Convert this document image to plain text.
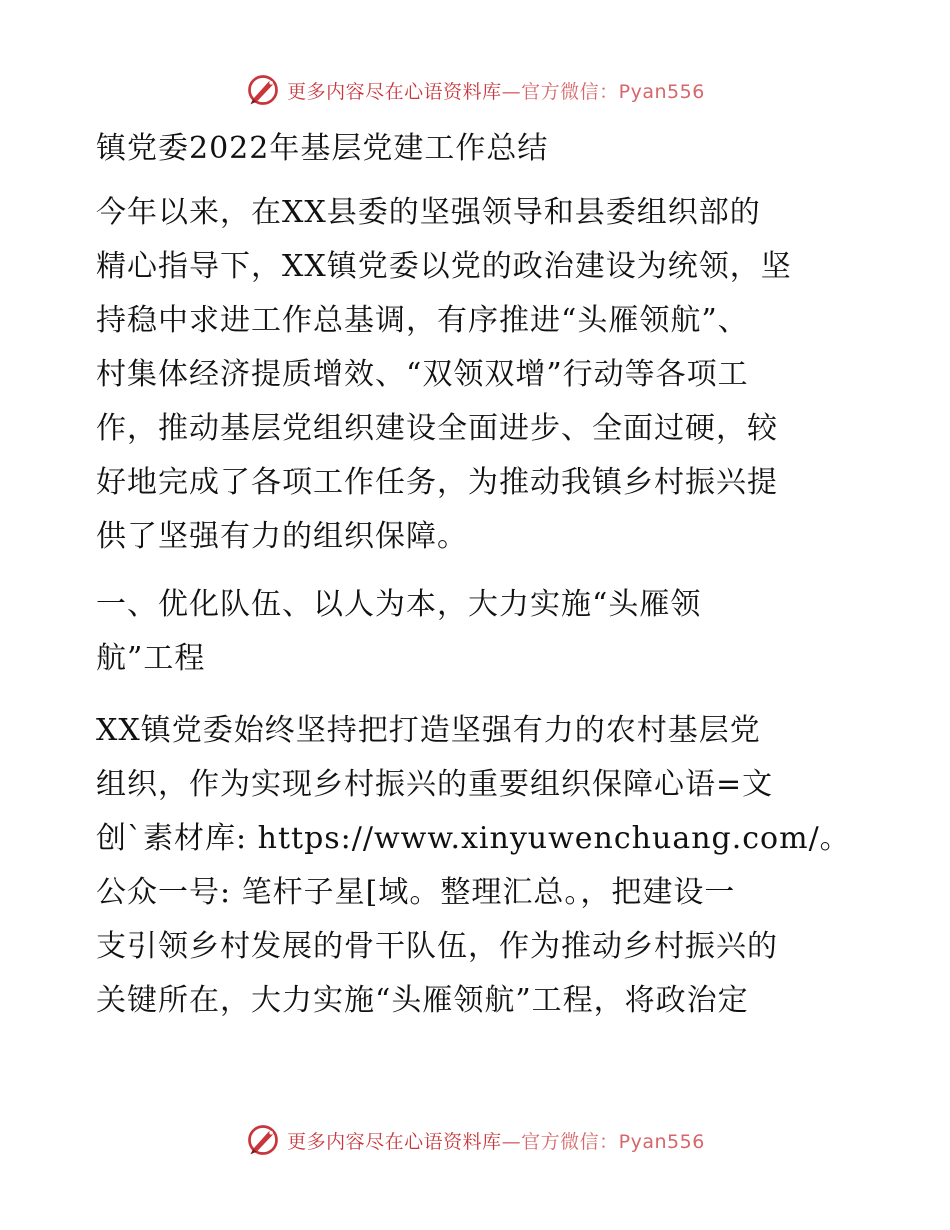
更多内容尽在心语资料库—官方微信：Pyan556
镇党委2022年基层党建工作总结
今年以来，在XX县委的坚强领导和县委组织部的
精心指导下，XX镇党委以党的政治建设为统领，坚
持稳中求进工作总基调，有序推进“头雁领航”、
村集体经济提质增效、“双领双增”行动等各项工
作，推动基层党组织建设全面进步、全面过硬，较
好地完成了各项工作任务，为推动我镇乡村振兴提
供了坚强有力的组织保障。
一、优化队伍、以人为本，大力实施“头雁领
航”工程
XX镇党委始终坚持把打造坚强有力的农村基层党
组织，作为实现乡村振兴的重要组织保障心语=文
创`素材库: https://www.xinyuwenchuang.com/。
公众一号: 笔杆子星[域。整理汇总。，把建设一
支引领乡村发展的骨干队伍，作为推动乡村振兴的
关键所在，大力实施“头雁领航”工程，将政治定
更多内容尽在心语资料库—官方微信：Pyan556
